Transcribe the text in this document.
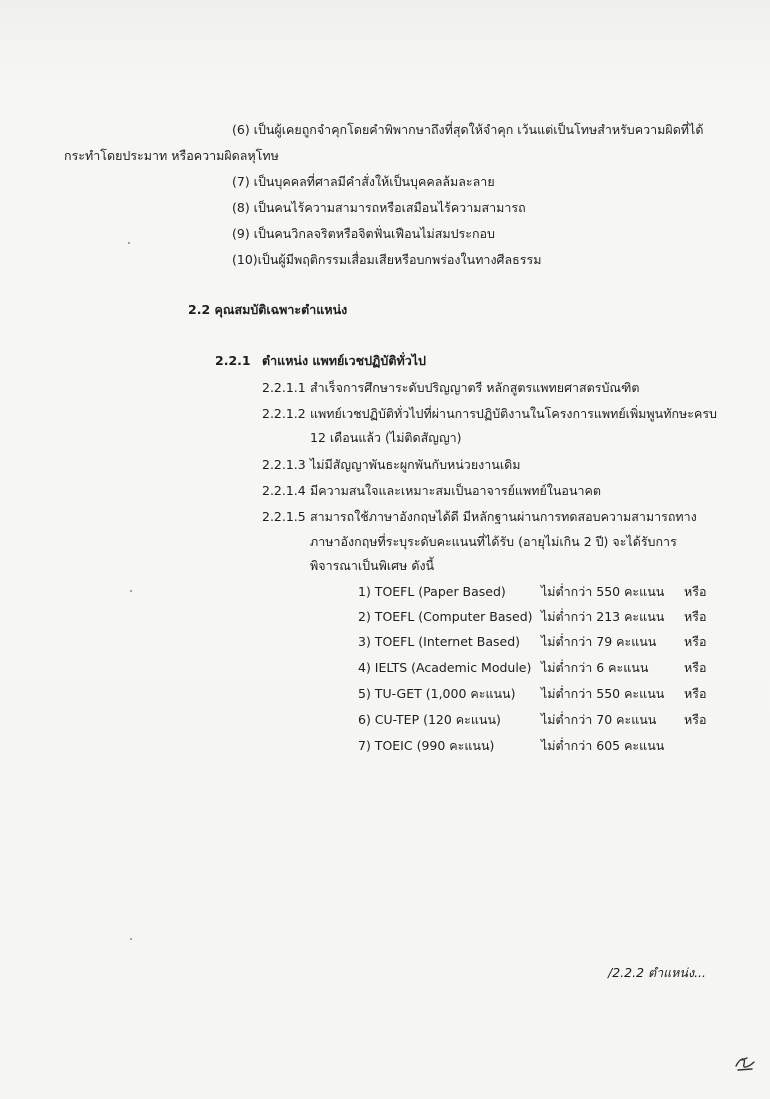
(6) เป็นผู้เคยถูกจำคุกโดยคำพิพากษาถึงที่สุดให้จำคุก เว้นแต่เป็นโทษสำหรับความผิดที่ได้
กระทำโดยประมาท หรือความผิดลหุโทษ
(7) เป็นบุคคลที่ศาลมีคำสั่งให้เป็นบุคคลล้มละลาย
(8) เป็นคนไร้ความสามารถหรือเสมือนไร้ความสามารถ
(9) เป็นคนวิกลจริตหรือจิตฟั่นเฟือนไม่สมประกอบ
(10)เป็นผู้มีพฤติกรรมเสื่อมเสียหรือบกพร่องในทางศีลธรรม
2.2 คุณสมบัติเฉพาะตำแหน่ง
2.2.1 ตำแหน่ง แพทย์เวชปฏิบัติทั่วไป
2.2.1.1 สำเร็จการศึกษาระดับปริญญาตรี หลักสูตรแพทยศาสตรบัณฑิต
2.2.1.2 แพทย์เวชปฏิบัติทั่วไปที่ผ่านการปฏิบัติงานในโครงการแพทย์เพิ่มพูนทักษะครบ
12 เดือนแล้ว (ไม่ติดสัญญา)
2.2.1.3 ไม่มีสัญญาพันธะผูกพันกับหน่วยงานเดิม
2.2.1.4 มีความสนใจและเหมาะสมเป็นอาจารย์แพทย์ในอนาคต
2.2.1.5 สามารถใช้ภาษาอังกฤษได้ดี มีหลักฐานผ่านการทดสอบความสามารถทาง
ภาษาอังกฤษที่ระบุระดับคะแนนที่ได้รับ (อายุไม่เกิน 2 ปี) จะได้รับการ
พิจารณาเป็นพิเศษ ดังนี้
1) TOEFL (Paper Based)	ไม่ต่ำกว่า 550 คะแนน หรือ
2) TOEFL (Computer Based) ไม่ต่ำกว่า 213 คะแนน หรือ
3) TOEFL (Internet Based) ไม่ต่ำกว่า 79 คะแนน หรือ
4) IELTS (Academic Module) ไม่ต่ำกว่า 6 คะแนน	หรือ
5) TU-GET (1,000 คะแนน) ไม่ต่ำกว่า 550 คะแนน หรือ
6) CU-TEP (120 คะแนน)	ไม่ต่ำกว่า 70 คะแนน หรือ
7) TOEIC (990 คะแนน)	ไม่ต่ำกว่า 605 คะแนน
/2.2.2 ตำแหน่ง...
